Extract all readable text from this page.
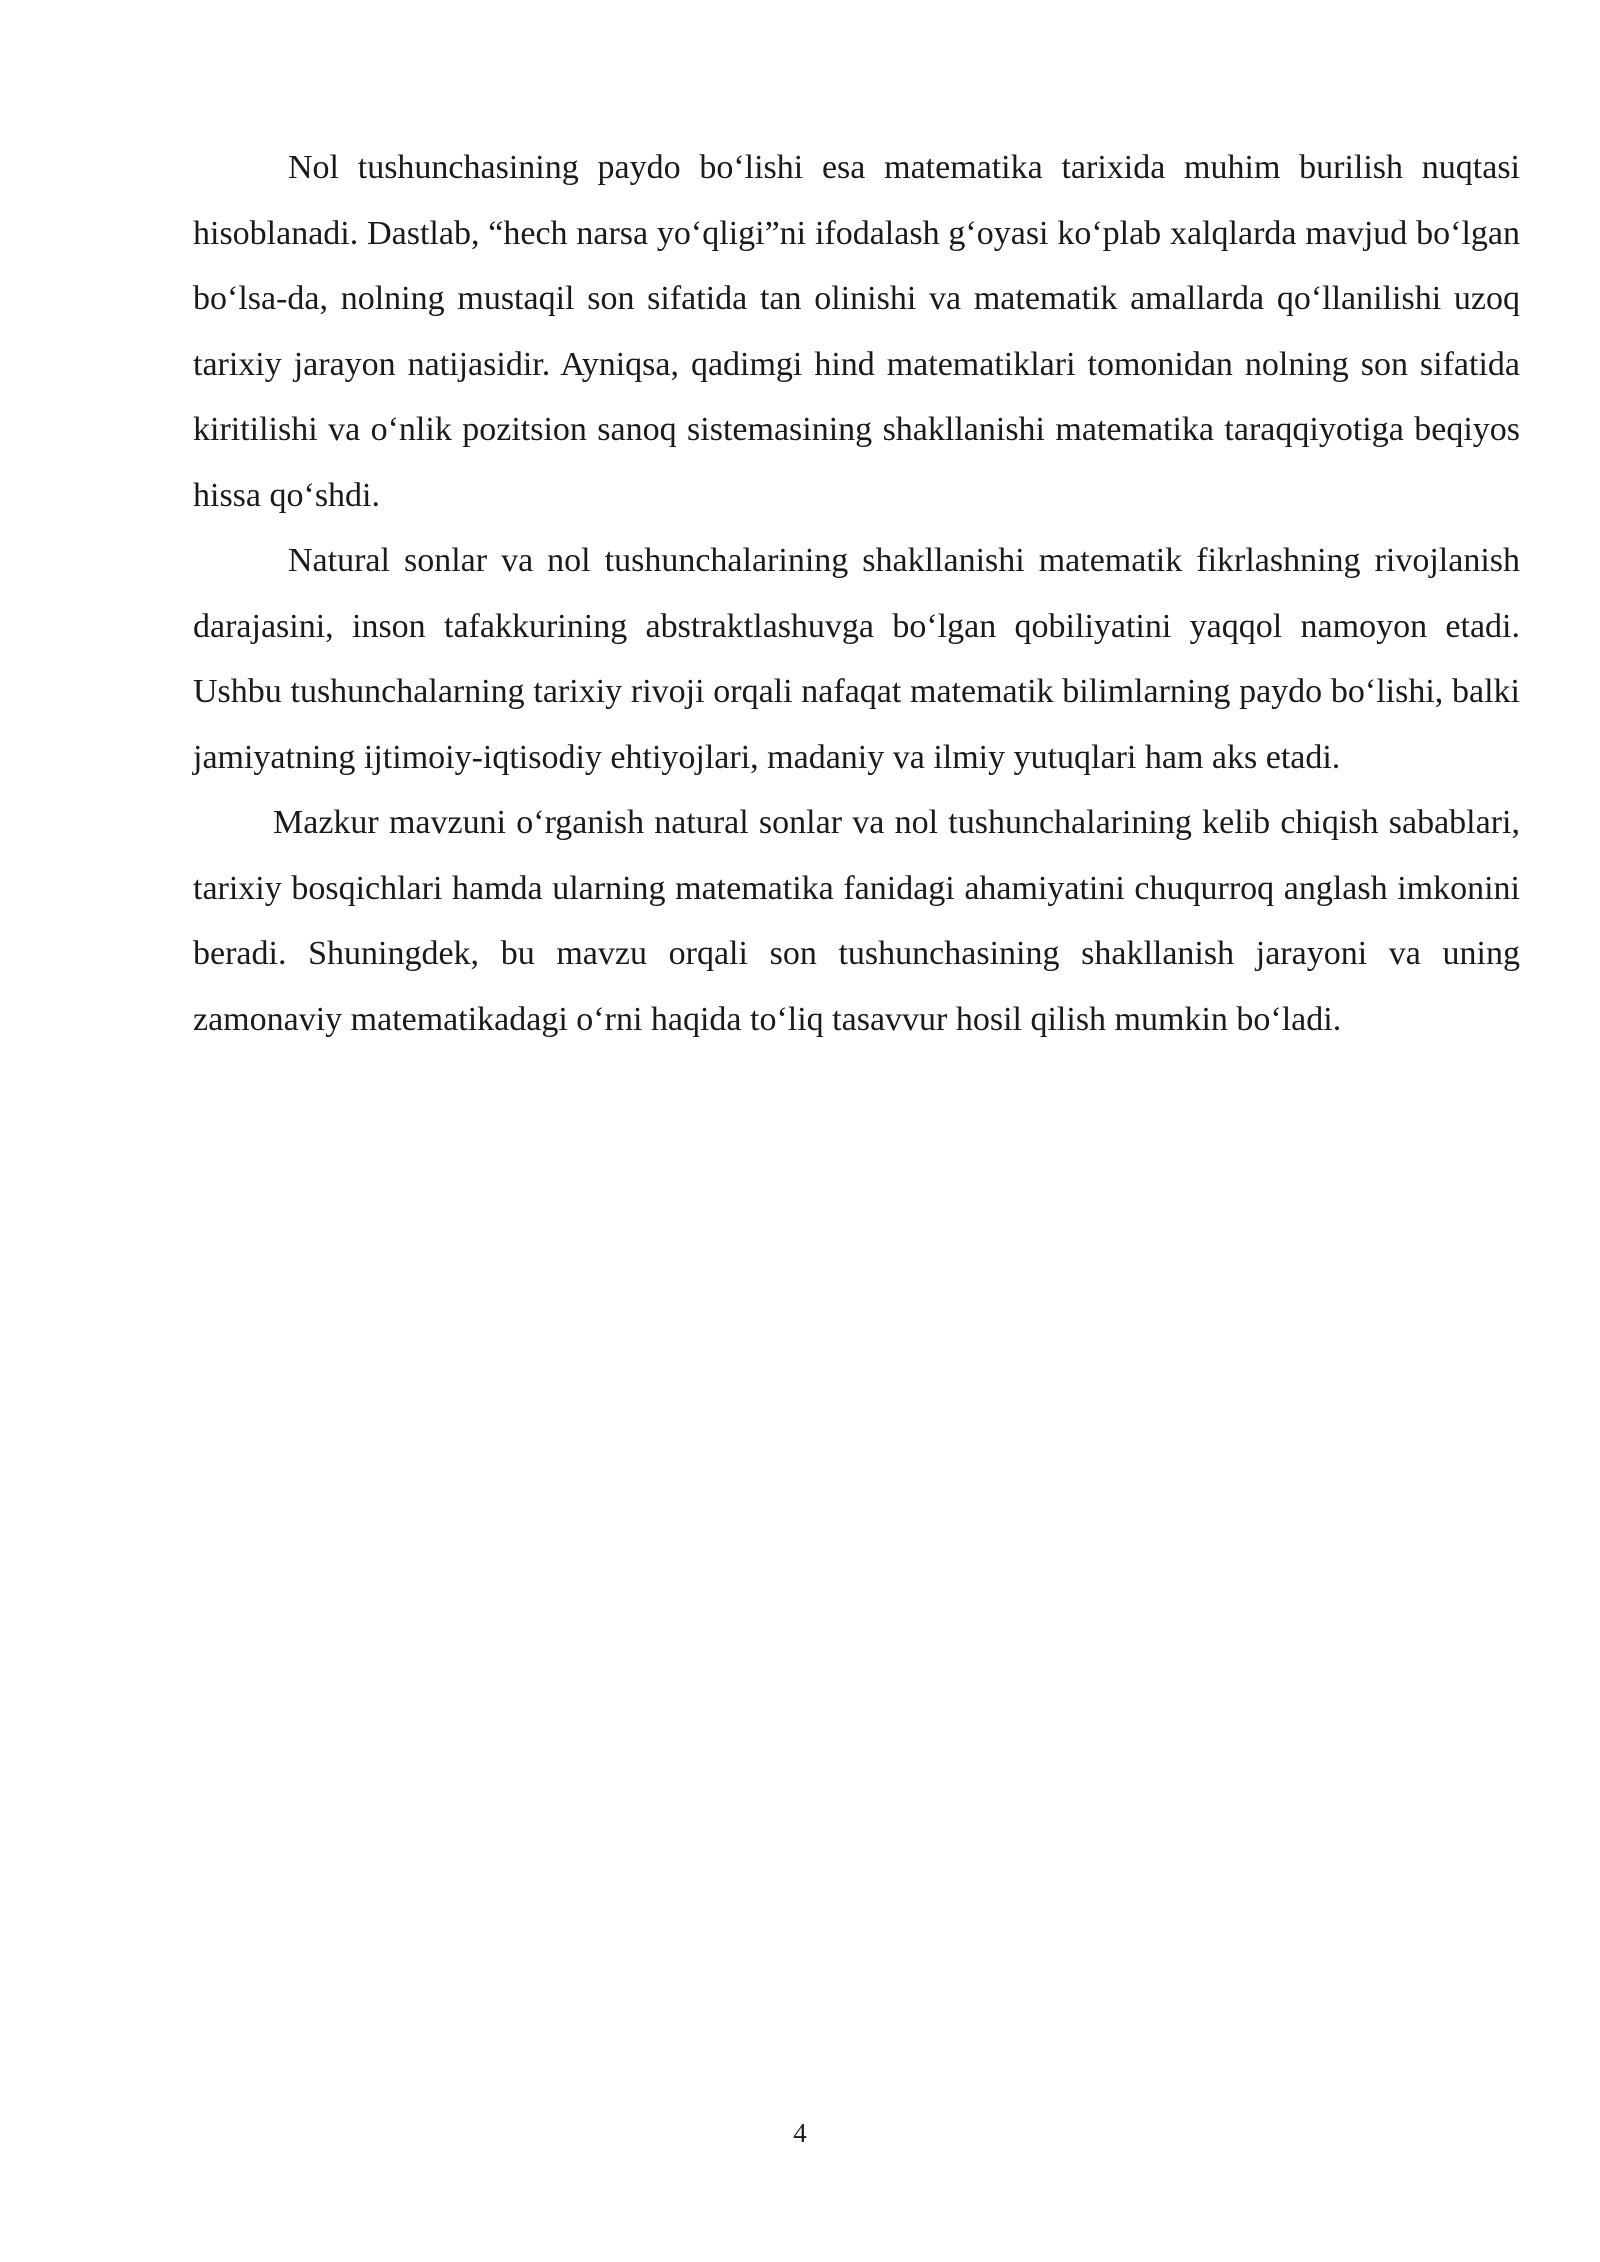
Nol tushunchasining paydo bo‘lishi esa matematika tarixida muhim burilish nuqtasi hisoblanadi. Dastlab, “hech narsa yo‘qligi”ni ifodalash g‘oyasi ko‘plab xalqlarda mavjud bo‘lgan bo‘lsa-da, nolning mustaqil son sifatida tan olinishi va matematik amallarda qo‘llanilishi uzoq tarixiy jarayon natijasidir. Ayniqsa, qadimgi hind matematiklari tomonidan nolning son sifatida kiritilishi va o‘nlik pozitsion sanoq sistemasining shakllanishi matematika taraqqiyotiga beqiyos hissa qo‘shdi.

Natural sonlar va nol tushunchalarining shakllanishi matematik fikrlashning rivojlanish darajasini, inson tafakkurining abstraktlashuvga bo‘lgan qobiliyatini yaqqol namoyon etadi. Ushbu tushunchalarning tarixiy rivoji orqali nafaqat matematik bilimlarning paydo bo‘lishi, balki jamiyatning ijtimoiy-iqtisodiy ehtiyojlari, madaniy va ilmiy yutuqlari ham aks etadi.

Mazkur mavzuni o‘rganish natural sonlar va nol tushunchalarining kelib chiqish sabablari, tarixiy bosqichlari hamda ularning matematika fanidagi ahamiyatini chuqurroq anglash imkonini beradi. Shuningdek, bu mavzu orqali son tushunchasining shakllanish jarayoni va uning zamonaviy matematikadagi o‘rni haqida to‘liq tasavvur hosil qilish mumkin bo‘ladi.

4
